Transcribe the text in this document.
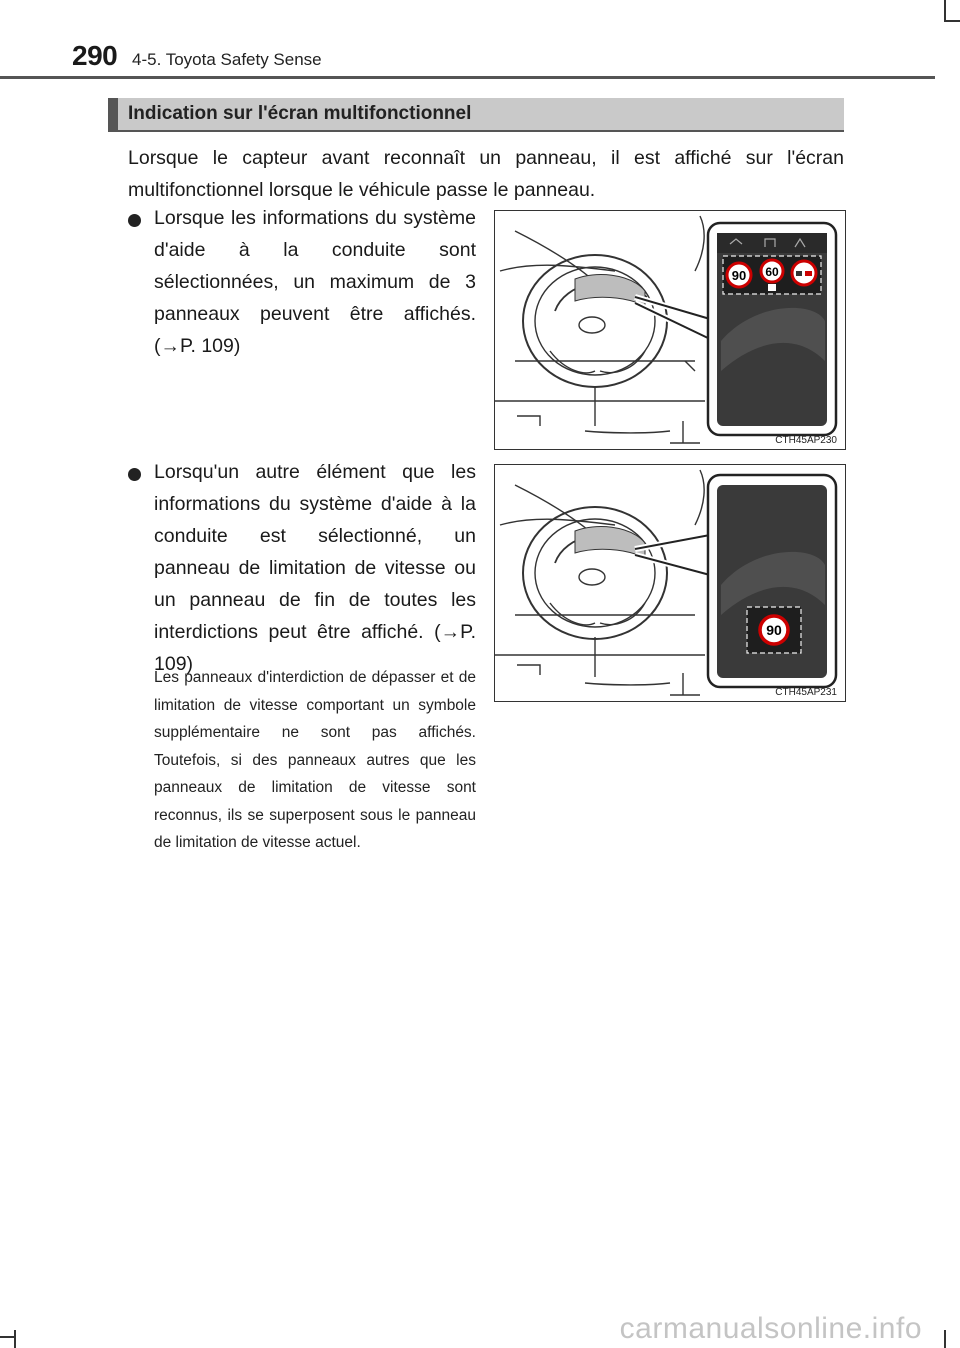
290 4-5. Toyota Safety Sense
Indication sur l'écran multifonctionnel

Lorsque le capteur avant reconnaît un panneau, il est affiché sur l'écran multifonctionnel lorsque le véhicule passe le panneau.

Lorsque les informations du système d'aide à la conduite sont sélectionnées, un maximum de 3 panneaux peuvent être affichés. (→P. 109)
Lorsqu'un autre élément que les informations du système d'aide à la conduite est sélectionné, un panneau de limitation de vitesse ou un panneau de fin de toutes les interdictions peut être affiché. (→P. 109)
Les panneaux d'interdiction de dépasser et de limitation de vitesse comportant un symbole supplémentaire ne sont pas affichés. Toutefois, si des panneaux autres que les panneaux de limitation de vitesse sont reconnus, ils se superposent sous le panneau de limitation de vitesse actuel.
90 60
CTH45AP230
90
CTH45AP231
carmanualsonline.info
